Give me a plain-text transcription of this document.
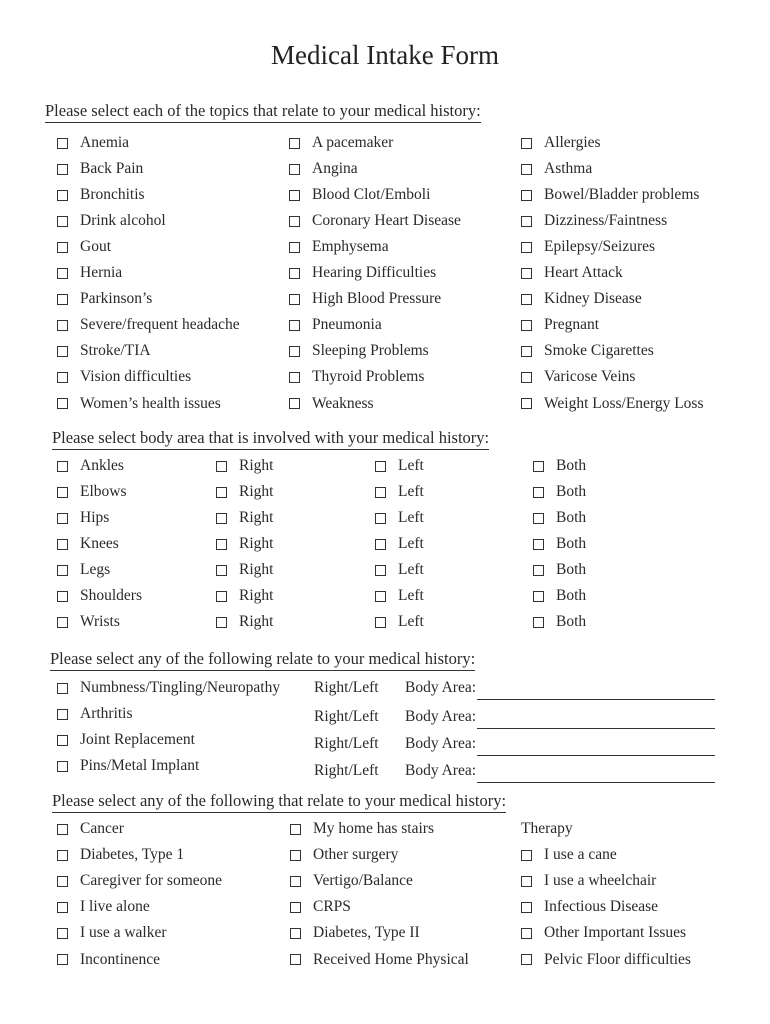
Medical Intake Form
Please select each of the topics that relate to your medical history:
Anemia	A pacemaker	Allergies
Back Pain	Angina	Asthma
Bronchitis	Blood Clot/Emboli	Bowel/Bladder problems
Drink alcohol	Coronary Heart Disease	Dizziness/Faintness
Gout	Emphysema	Epilepsy/Seizures
Hernia	Hearing Difficulties	Heart Attack
Parkinson’s	High Blood Pressure	Kidney Disease
Severe/frequent headache	Pneumonia	Pregnant
Stroke/TIA	Sleeping Problems	Smoke Cigarettes
Vision difficulties	Thyroid Problems	Varicose Veins
Women’s health issues	Weakness	Weight Loss/Energy Loss
Please select body area that is involved with your medical history:
Ankles	Right	Left	Both
Elbows	Right	Left	Both
Hips	Right	Left	Both
Knees	Right	Left	Both
Legs	Right	Left	Both
Shoulders	Right	Left	Both
Wrists	Right	Left	Both
Please select any of the following relate to your medical history:
Numbness/Tingling/Neuropathy Right/Left Body Area:
Arthritis	Right/Left Body Area:
Joint Replacement	Right/Left Body Area:
Pins/Metal Implant	Right/Left Body Area:
Please select any of the following that relate to your medical history:
Cancer	My home has stairs	Therapy
Diabetes, Type 1	Other surgery	I use a cane
Caregiver for someone	Vertigo/Balance	I use a wheelchair
I live alone	CRPS	Infectious Disease
I use a walker	Diabetes, Type II	Other Important Issues
Incontinence	Received Home Physical	Pelvic Floor difficulties
